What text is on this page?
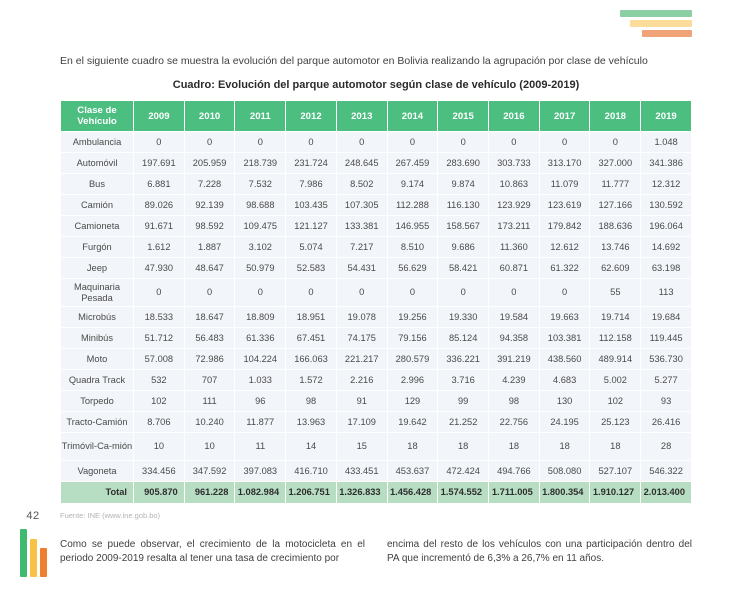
42
En el siguiente cuadro se muestra la evolución del parque automotor en Bolivia realizando la agrupación por clase de vehículo
Cuadro: Evolución del parque automotor según clase de vehículo (2009-2019)
Clase de Vehículo	2009	2010	2011	2012	2013	2014	2015	2016	2017	2018	2019
Ambulancia	0	0	0	0	0	0	0	0	0	0	1.048
Automóvil	197.691	205.959	218.739	231.724	248.645	267.459	283.690	303.733	313.170	327.000	341.386
Bus	6.881	7.228	7.532	7.986	8.502	9.174	9.874	10.863	11.079	11.777	12.312
Camión	89.026	92.139	98.688	103.435	107.305	112.288	116.130	123.929	123.619	127.166	130.592
Camioneta	91.671	98.592	109.475	121.127	133.381	146.955	158.567	173.211	179.842	188.636	196.064
Furgón	1.612	1.887	3.102	5.074	7.217	8.510	9.686	11.360	12.612	13.746	14.692
Jeep	47.930	48.647	50.979	52.583	54.431	56.629	58.421	60.871	61.322	62.609	63.198
Maquinaria Pesada	0	0	0	0	0	0	0	0	0	55	113
Microbús	18.533	18.647	18.809	18.951	19.078	19.256	19.330	19.584	19.663	19.714	19.684
Minibús	51.712	56.483	61.336	67.451	74.175	79.156	85.124	94.358	103.381	112.158	119.445
Moto	57.008	72.986	104.224	166.063	221.217	280.579	336.221	391.219	438.560	489.914	536.730
Quadra Track	532	707	1.033	1.572	2.216	2.996	3.716	4.239	4.683	5.002	5.277
Torpedo	102	111	96	98	91	129	99	98	130	102	93
Tracto-Camión	8.706	10.240	11.877	13.963	17.109	19.642	21.252	22.756	24.195	25.123	26.416
Trimóvil-Ca-mión	10	10	11	14	15	18	18	18	18	18	28
Vagoneta	334.456	347.592	397.083	416.710	433.451	453.637	472.424	494.766	508.080	527.107	546.322
Total	905.870	961.228	1.082.984	1.206.751	1.326.833	1.456.428	1.574.552	1.711.005	1.800.354	1.910.127	2.013.400
Fuente: INE (www.ine.gob.bo)

Como se puede observar, el crecimiento de la motocicleta en el periodo 2009-2019 resalta al tener una tasa de crecimiento por

encima del resto de los vehículos con una participación dentro del PA que incrementó de 6,3% a 26,7% en 11 años.
